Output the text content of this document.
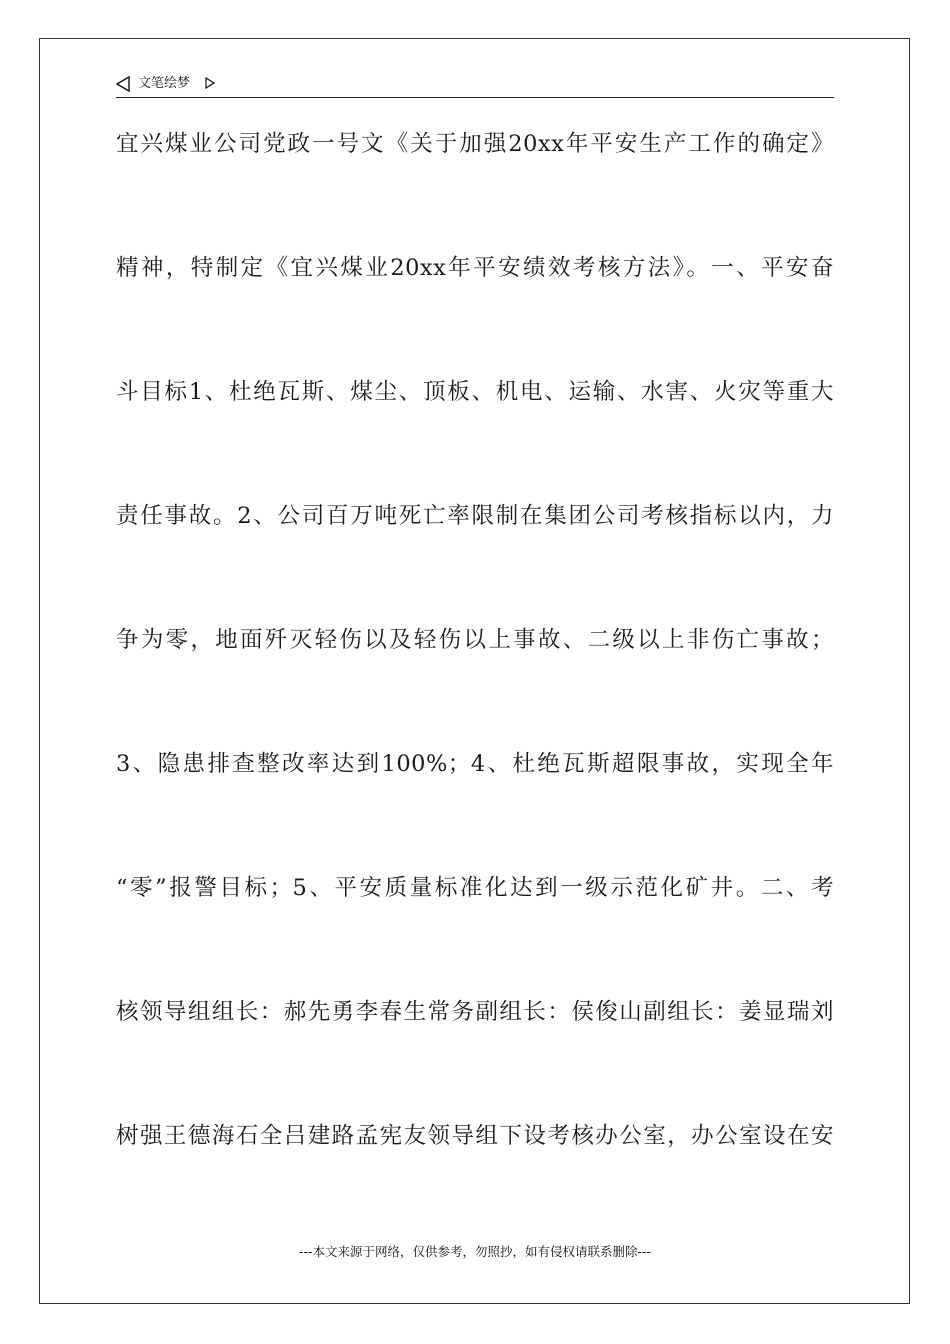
文笔绘梦
宜兴煤业公司党政一号文《关于加强20xx年平安生产工作的确定》
精神，特制定《宜兴煤业20xx年平安绩效考核方法》。一、平安奋
斗目标1、杜绝瓦斯、煤尘、顶板、机电、运输、水害、火灾等重大
责任事故。2、公司百万吨死亡率限制在集团公司考核指标以内，力
争为零，地面歼灭轻伤以及轻伤以上事故、二级以上非伤亡事故；
3、隐患排查整改率达到100%；4、杜绝瓦斯超限事故，实现全年
“零”报警目标；5、平安质量标准化达到一级示范化矿井。二、考
核领导组组长：郝先勇李春生常务副组长：侯俊山副组长：姜显瑞刘
树强王德海石全吕建路孟宪友领导组下设考核办公室，办公室设在安
---本文来源于网络，仅供参考，勿照抄，如有侵权请联系删除---
